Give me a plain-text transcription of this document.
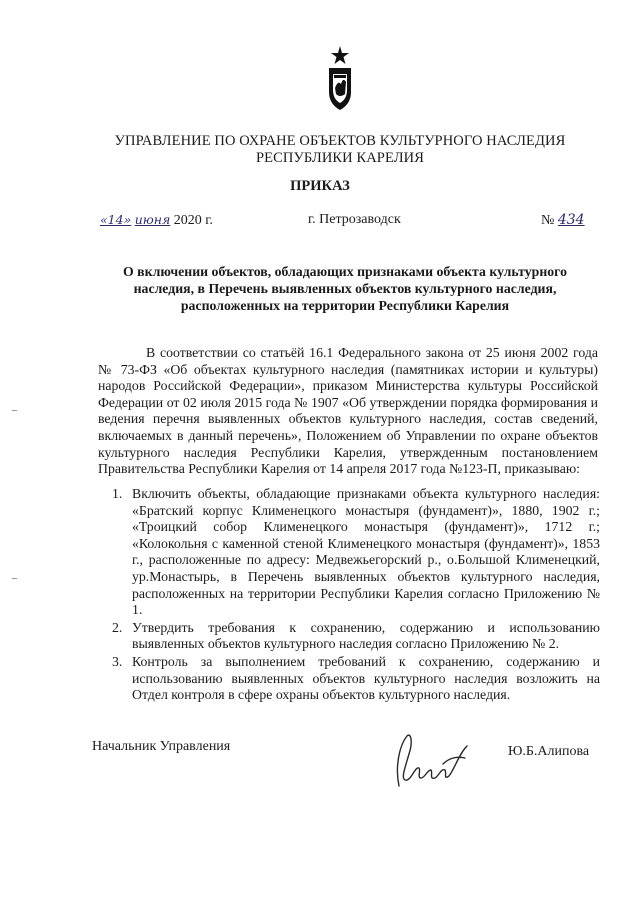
УПРАВЛЕНИЕ ПО ОХРАНЕ ОБЪЕКТОВ КУЛЬТУРНОГО НАСЛЕДИЯ
РЕСПУБЛИКИ КАРЕЛИЯ
ПРИКАЗ
«14» июня 2020 г.	г. Петрозаводск	№ 434
О включении объектов, обладающих признаками объекта культурного
наследия, в Перечень выявленных объектов культурного наследия,
расположенных на территории Республики Карелия

В соответствии со статьёй 16.1 Федерального закона от 25 июня 2002 года № 73-ФЗ «Об объектах культурного наследия (памятниках истории и культуры) народов Российской Федерации», приказом Министерства культуры Российской Федерации от 02 июля 2015 года № 1907 «Об утверждении порядка формирования и ведения перечня выявленных объектов культурного наследия, состав сведений, включаемых в данный перечень», Положением об Управлении по охране объектов культурного наследия Республики Карелия, утвержденным постановлением Правительства Республики Карелия от 14 апреля 2017 года №123-П, приказываю:

1. Включить объекты, обладающие признаками объекта культурного наследия: «Братский корпус Клименецкого монастыря (фундамент)», 1880, 1902 г.; «Троицкий собор Клименецкого монастыря (фундамент)», 1712 г.; «Колокольня с каменной стеной Клименецкого монастыря (фундамент)», 1853 г., расположенные по адресу: Медвежьегорский р., о.Большой Клименецкий, ур.Монастырь, в Перечень выявленных объектов культурного наследия, расположенных на территории Республики Карелия согласно Приложению № 1.
2. Утвердить требования к сохранению, содержанию и использованию выявленных объектов культурного наследия согласно Приложению № 2.
3. Контроль за выполнением требований к сохранению, содержанию и использованию выявленных объектов культурного наследия возложить на Отдел контроля в сфере охраны объектов культурного наследия.
Начальник Управления	Ю.Б.Алипова
